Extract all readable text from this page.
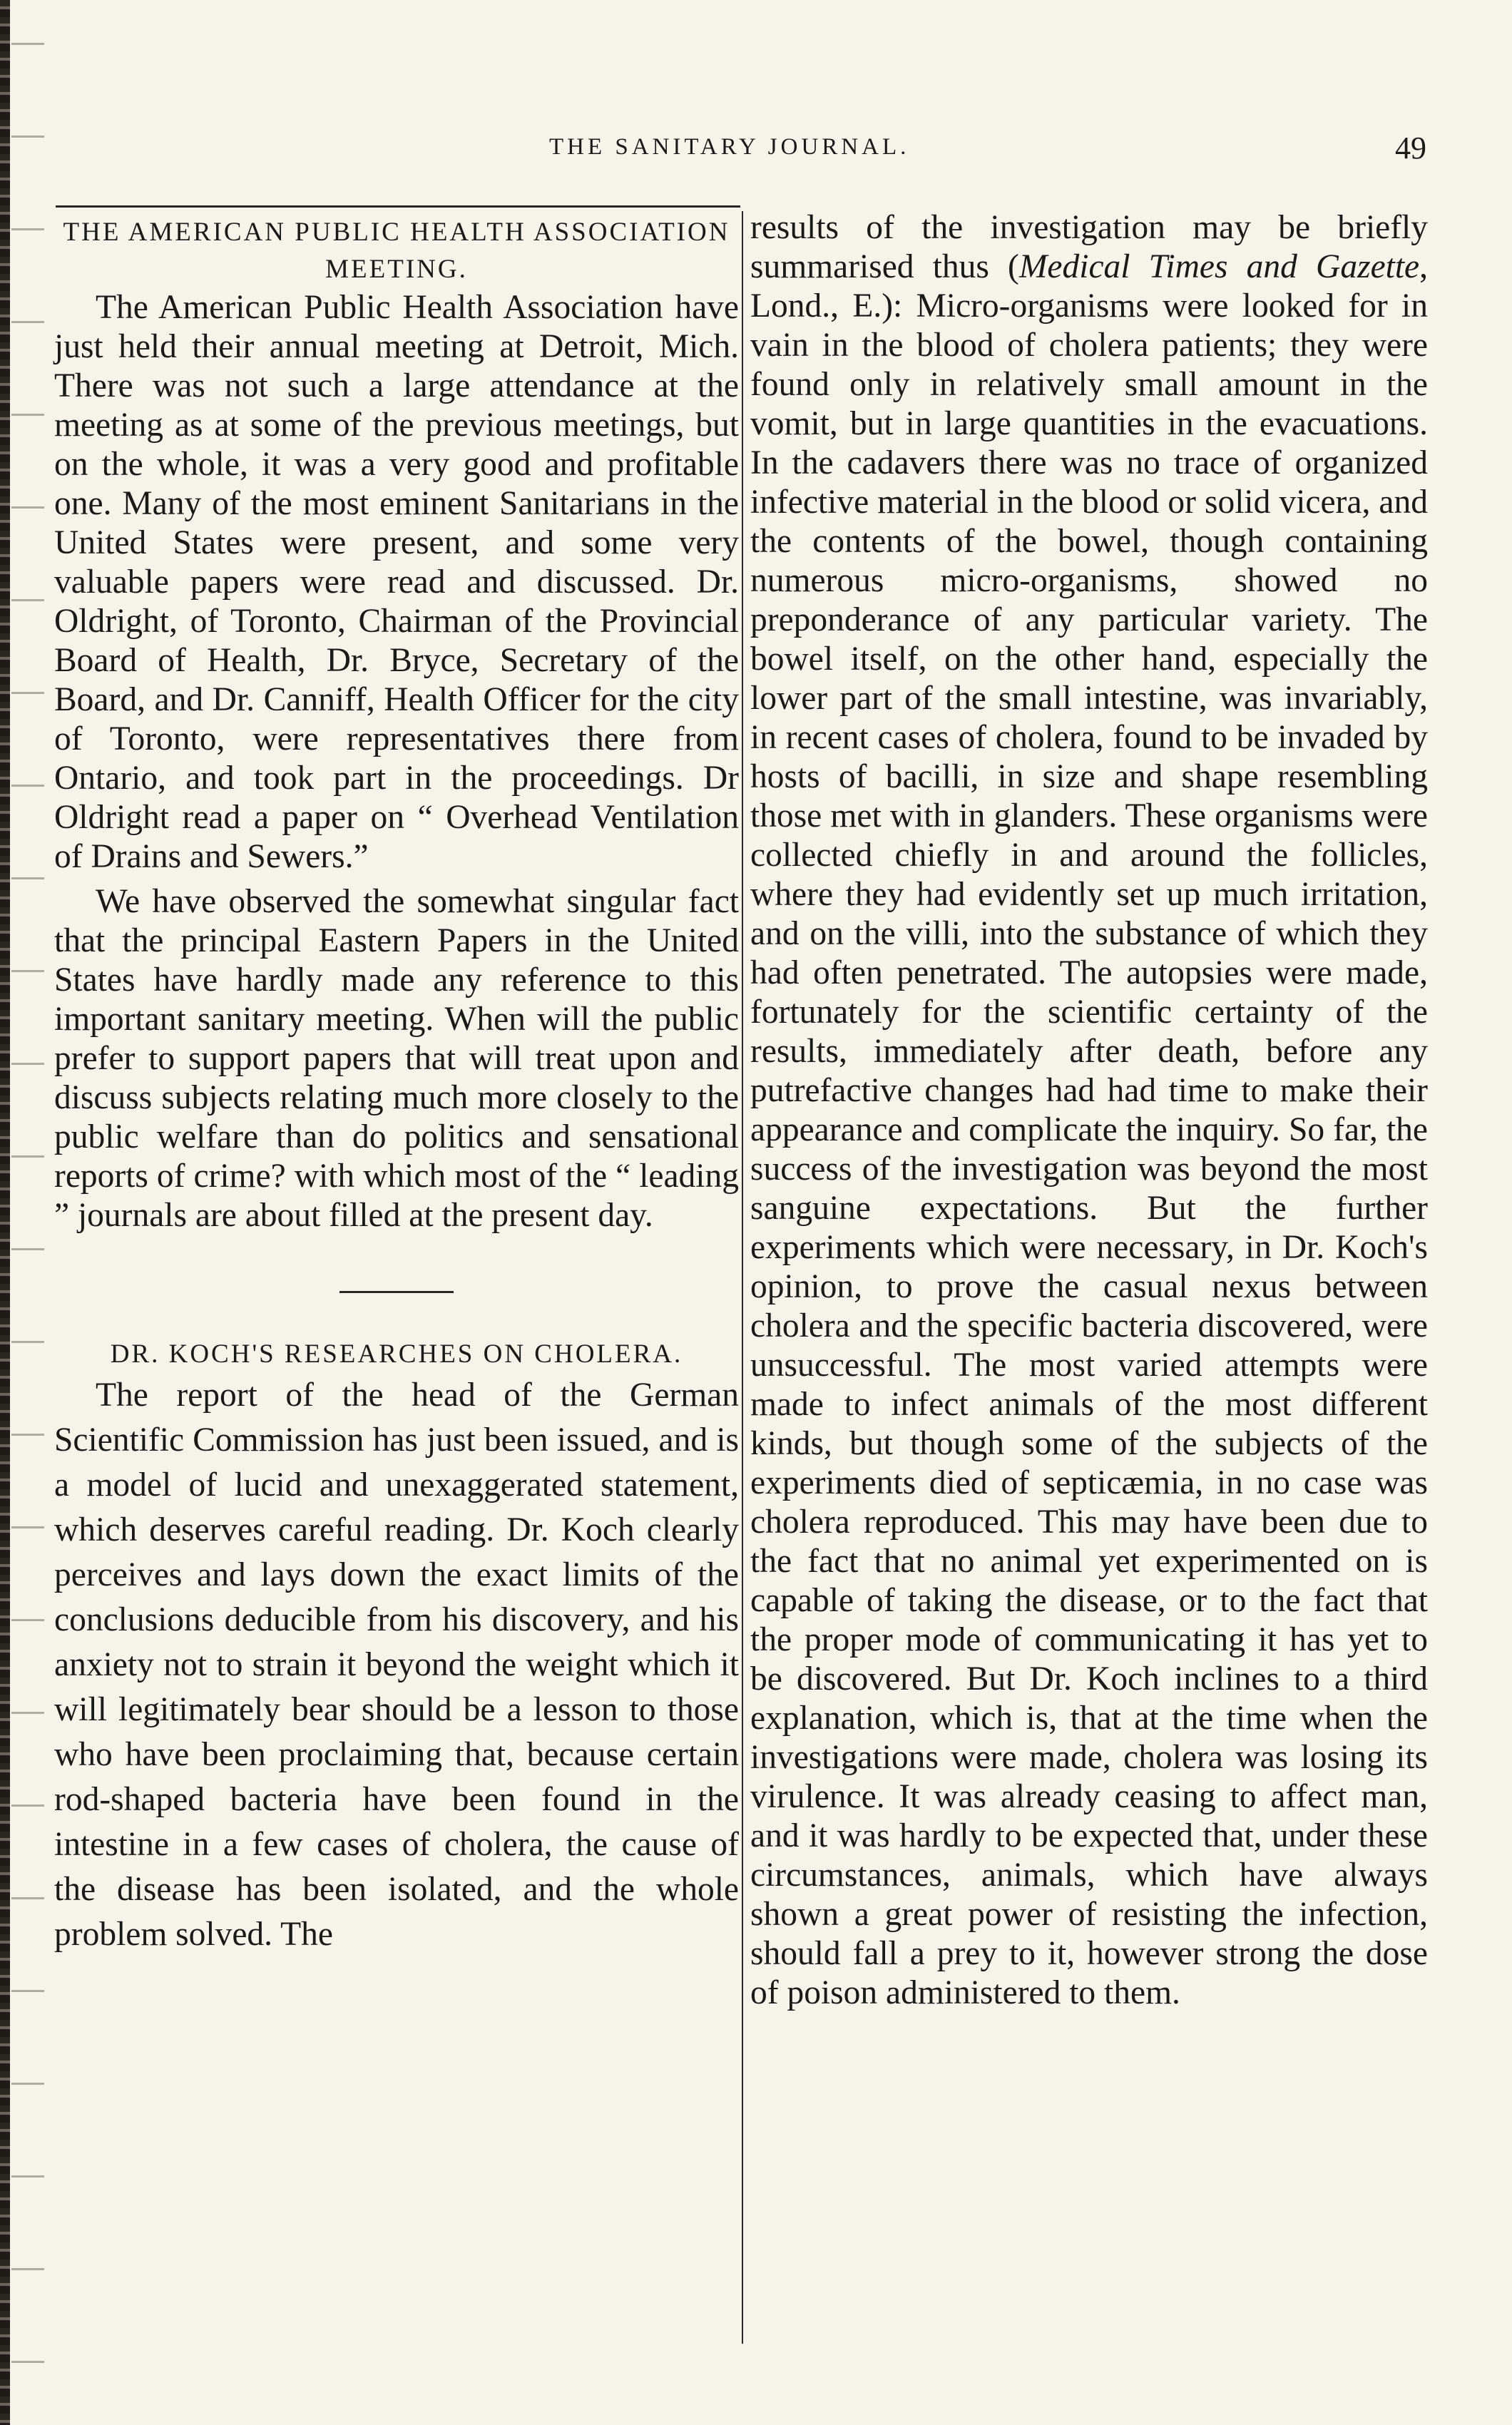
THE SANITARY JOURNAL.	49
THE AMERICAN PUBLIC HEALTH ASSOCIATION MEETING.

The American Public Health Association have just held their annual meeting at Detroit, Mich. There was not such a large attendance at the meeting as at some of the previous meetings, but on the whole, it was a very good and profitable one. Many of the most eminent Sanitarians in the United States were present, and some very valuable papers were read and discussed. Dr. Oldright, of Toronto, Chairman of the Provincial Board of Health, Dr. Bryce, Secretary of the Board, and Dr. Canniff, Health Officer for the city of Toronto, were representatives there from Ontario, and took part in the proceedings. Dr Oldright read a paper on “ Overhead Ventilation of Drains and Sewers.”

We have observed the somewhat singular fact that the principal Eastern Papers in the United States have hardly made any reference to this important sanitary meeting. When will the public prefer to support papers that will treat upon and discuss subjects relating much more closely to the public welfare than do politics and sensational reports of crime? with which most of the “ leading ” journals are about filled at the present day.

DR. KOCH'S RESEARCHES ON CHOLERA.

The report of the head of the German Scientific Commission has just been issued, and is a model of lucid and unexaggerated statement, which deserves careful reading. Dr. Koch clearly perceives and lays down the exact limits of the conclusions deducible from his discovery, and his anxiety not to strain it beyond the weight which it will legitimately bear should be a lesson to those who have been proclaiming that, because certain rod-shaped bacteria have been found in the intestine in a few cases of cholera, the cause of the disease has been isolated, and the whole problem solved. The

results of the investigation may be briefly summarised thus (Medical Times and Gazette, Lond., E.): Micro-organisms were looked for in vain in the blood of cholera patients; they were found only in relatively small amount in the vomit, but in large quantities in the evacuations. In the cadavers there was no trace of organized infective material in the blood or solid vicera, and the contents of the bowel, though containing numerous micro-organisms, showed no preponderance of any particular variety. The bowel itself, on the other hand, especially the lower part of the small intestine, was invariably, in recent cases of cholera, found to be invaded by hosts of bacilli, in size and shape resembling those met with in glanders. These organisms were collected chiefly in and around the follicles, where they had evidently set up much irritation, and on the villi, into the substance of which they had often penetrated. The autopsies were made, fortunately for the scientific certainty of the results, immediately after death, before any putrefactive changes had had time to make their appearance and complicate the inquiry. So far, the success of the investigation was beyond the most sanguine expectations. But the further experiments which were necessary, in Dr. Koch's opinion, to prove the casual nexus between cholera and the specific bacteria discovered, were unsuccessful. The most varied attempts were made to infect animals of the most different kinds, but though some of the subjects of the experiments died of septicæmia, in no case was cholera reproduced. This may have been due to the fact that no animal yet experimented on is capable of taking the disease, or to the fact that the proper mode of communicating it has yet to be discovered. But Dr. Koch inclines to a third explanation, which is, that at the time when the investigations were made, cholera was losing its virulence. It was already ceasing to affect man, and it was hardly to be expected that, under these circumstances, animals, which have always shown a great power of resisting the infection, should fall a prey to it, however strong the dose of poison administered to them.
